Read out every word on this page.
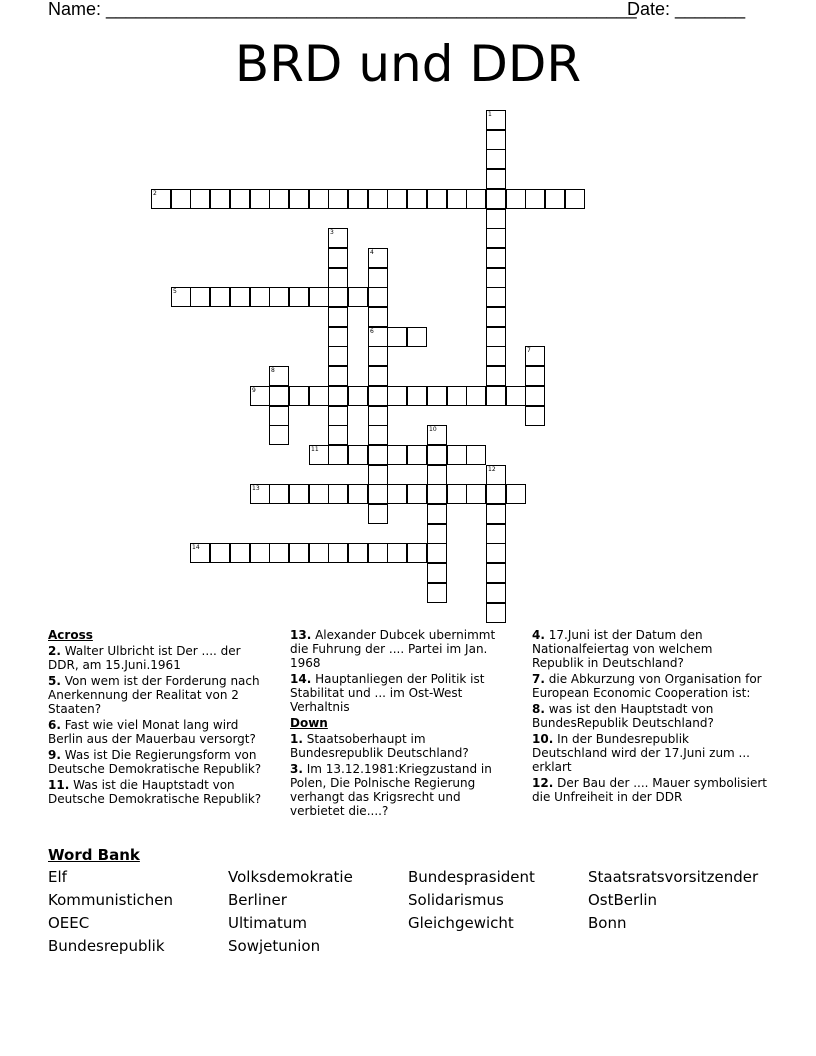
Name: _____________________________________________________
Date: _______
BRD und DDR
1
2
3
4
6
5
7
8
9
10
11
12
13
14
Across
2. Walter Ulbricht ist Der .... der DDR, am 15.Juni.1961
5. Von wem ist der Forderung nach Anerkennung der Realitat von 2 Staaten?
6. Fast wie viel Monat lang wird Berlin aus der Mauerbau versorgt?
9. Was ist Die Regierungsform von Deutsche Demokratische Republik?
11. Was ist die Hauptstadt von Deutsche Demokratische Republik?
13. Alexander Dubcek ubernimmt die Fuhrung der .... Partei im Jan. 1968
14. Hauptanliegen der Politik ist Stabilitat und ... im Ost-West Verhaltnis
Down
1. Staatsoberhaupt im Bundesrepublik Deutschland?
3. Im 13.12.1981:Kriegzustand in Polen, Die Polnische Regierung verhangt das Krigsrecht und verbietet die....?
4. 17.Juni ist der Datum den Nationalfeiertag von welchem Republik in Deutschland?
7. die Abkurzung von Organisation for European Economic Cooperation ist:
8. was ist den Hauptstadt von BundesRepublik Deutschland?
10. In der Bundesrepublik Deutschland wird der 17.Juni zum ... erklart
12. Der Bau der .... Mauer symbolisiert die Unfreiheit in der DDR
Word Bank
Elf	Volksdemokratie	Bundesprasident	Staatsratsvorsitzender
Kommunistichen	Berliner	Solidarismus	OstBerlin
OEEC	Ultimatum	Gleichgewicht	Bonn
Bundesrepublik	Sowjetunion
